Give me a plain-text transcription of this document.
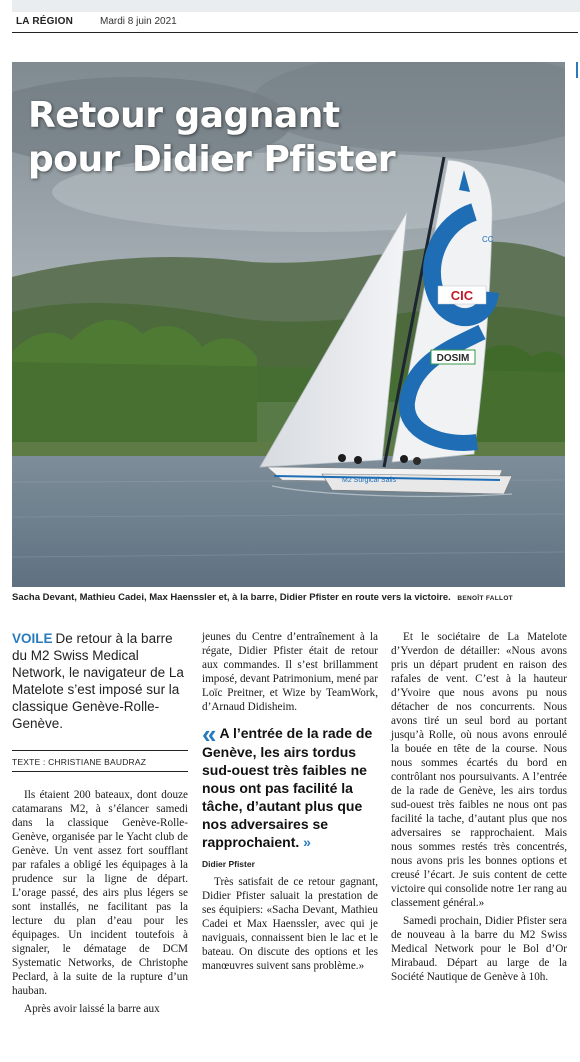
LA RÉGION	Mardi 8 juin 2021
CIC
DOSIM
CC
M2 Surgical Sails
Retour gagnant
pour Didier Pfister
Sacha Devant, Mathieu Cadei, Max Haenssler et, à la barre, Didier Pfister en route vers la victoire. BENOÎT FALLOT

VOILE De retour à la barre du M2 Swiss Medical Network, le navigateur de La Matelote s’est imposé sur la classique Genève-Rolle-Genève.

TEXTE : CHRISTIANE BAUDRAZ

Ils étaient 200 bateaux, dont douze catamarans M2, à s’élancer samedi dans la classique Genève-Rolle-Genève, organisée par le Yacht club de Genève. Un vent assez fort soufflant par rafales a obligé les équipages à la prudence sur la ligne de départ. L’orage passé, des airs plus légers se sont installés, ne facilitant pas la lecture du plan d’eau pour les équipages. Un incident toutefois à signaler, le dématage de DCM Systematic Networks, de Christophe Peclard, à la suite de la rupture d’un hauban.

Après avoir laissé la barre aux

jeunes du Centre d’entraînement à la régate, Didier Pfister était de retour aux commandes. Il s’est brillamment imposé, devant Patrimonium, mené par Loïc Preitner, et Wize by TeamWork, d’Arnaud Didisheim.

« A l’entrée de la rade de Genève, les airs tordus sud-ouest très faibles ne nous ont pas facilité la tâche, d’autant plus que nos adversaires se rapprochaient. »

Didier Pfister

Très satisfait de ce retour gagnant, Didier Pfister saluait la prestation de ses équipiers: «Sacha Devant, Mathieu Cadei et Max Haenssler, avec qui je naviguais, connaissent bien le lac et le bateau. On discute des options et les manœuvres suivent sans problème.»

Et le sociétaire de La Matelote d’Yverdon de détailler: «Nous avons pris un départ prudent en raison des rafales de vent. C’est à la hauteur d’Yvoire que nous avons pu nous détacher de nos concurrents. Nous avons tiré un seul bord au portant jusqu’à Rolle, où nous avons enroulé la bouée en tête de la course. Nous nous sommes écartés du bord en contrôlant nos poursuivants. A l’entrée de la rade de Genève, les airs tordus sud-ouest très faibles ne nous ont pas facilité la tache, d’autant plus que nos adversaires se rapprochaient. Mais nous sommes restés très concentrés, nous avons pris les bonnes options et creusé l’écart. Je suis content de cette victoire qui consolide notre 1er rang au classement général.»

Samedi prochain, Didier Pfister sera de nouveau à la barre du M2 Swiss Medical Network pour le Bol d’Or Mirabaud. Départ au large de la Société Nautique de Genève à 10h.
